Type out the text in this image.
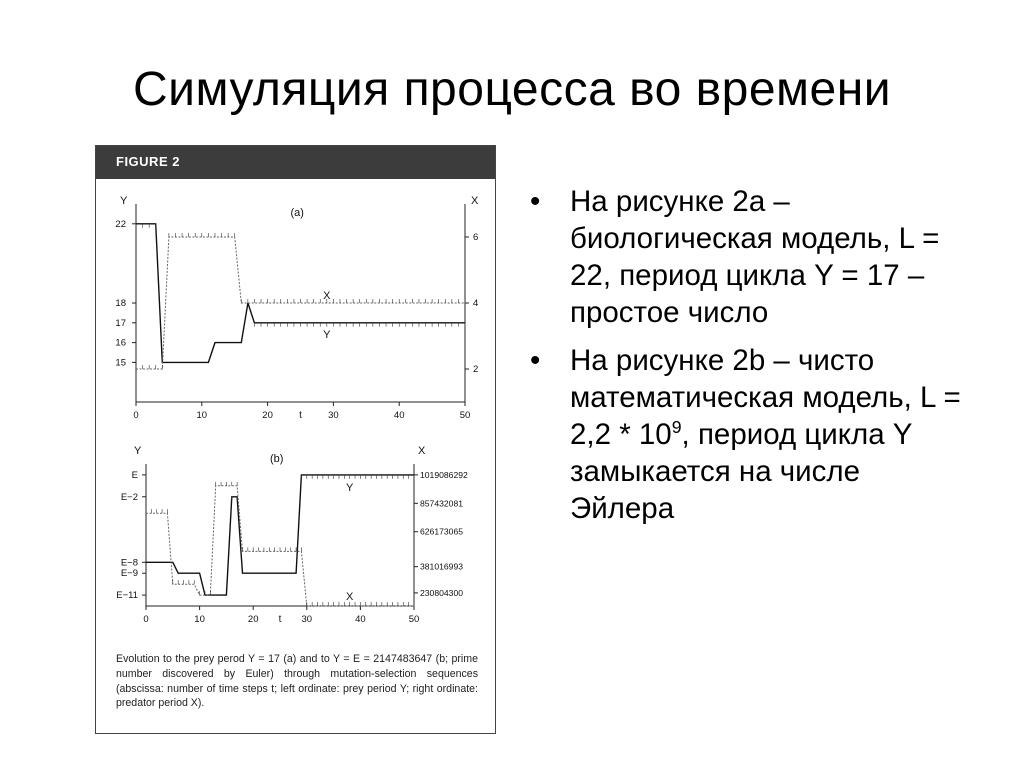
Симуляция процесса во времени
FIGURE 2
Y	X
(a)
0	10	20	30	40	50
t
15
16
17
18
22
2
4
6
X
Y
Y	X
(b)
0	10	20	30	40	50
t
E
E−2
E−8
E−9
E−11
1019086292
857432081
626173065
381016993
230804300
Y
X

Evolution to the prey perod Y = 17 (a) and to Y = E = 2147483647 (b; prime number discovered by Euler) through mutation-selection sequences (abscissa: number of time steps t; left ordinate: prey period Y; right ordinate: predator period X).

• На рисунке 2a – биологическая модель, L = 22, период цикла Y = 17 – простое число
• На рисунке 2b – чисто математическая модель, $L = 2,2 * 10^9$, период цикла Y замыкается на числе Эйлера
